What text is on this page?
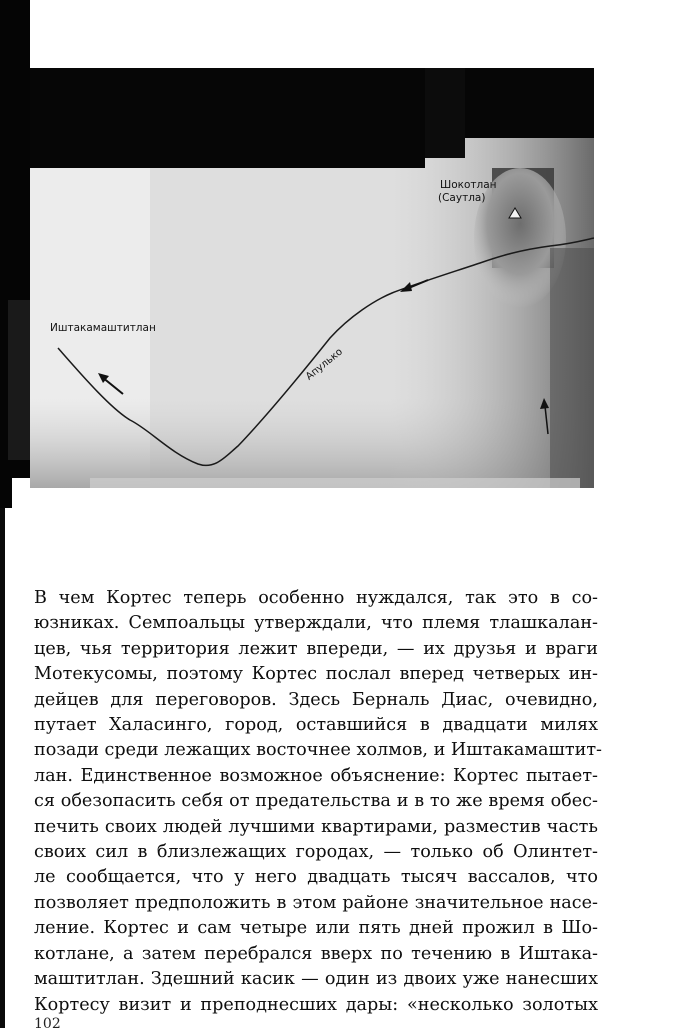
Шокотлан

(Саутла)

Иштакамаштитлан

Апулько

В чем Кортес теперь особенно нуждался, так это в со-
юзниках. Семпоальцы утверждали, что племя тлашкалан-
цев, чья территория лежит впереди, — их друзья и враги
Мотекусомы, поэтому Кортес послал вперед четверых ин-
дейцев для переговоров. Здесь Берналь Диас, очевидно,
путает Халасинго, город, оставшийся в двадцати милях
позади среди лежащих восточнее холмов, и Иштакамаштит-
лан. Единственное возможное объяснение: Кортес пытает-
ся обезопасить себя от предательства и в то же время обес-
печить своих людей лучшими квартирами, разместив часть
своих сил в близлежащих городах, — только об Олинтет-
ле сообщается, что у него двадцать тысяч вассалов, что
позволяет предположить в этом районе значительное насе-
ление. Кортес и сам четыре или пять дней прожил в Шо-
котлане, а затем перебрался вверх по течению в Иштака-
маштитлан. Здешний касик — один из двоих уже нанесших
Кортесу визит и преподнесших дары: «несколько золотых
102
